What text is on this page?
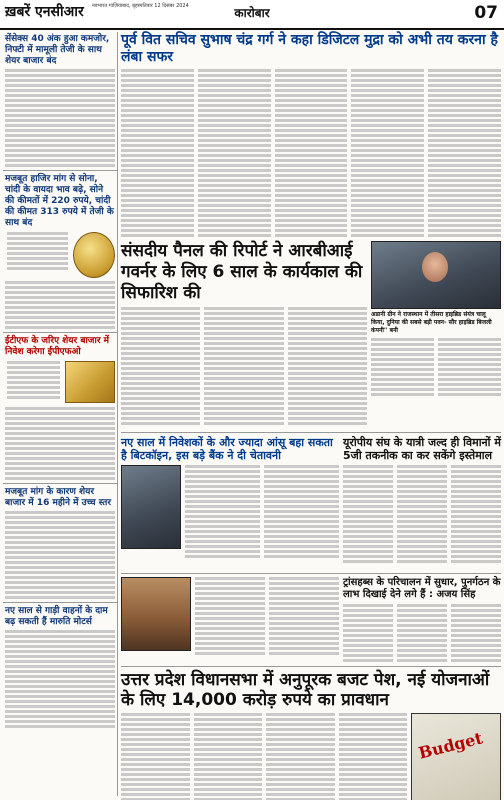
ख़बरें एनसीआर नवभारत गाज़ियाबाद, बृहस्पतिवार 12 दिसंबर 2024	कारोबार	07
सेंसेक्स 40 अंक हुआ कमजोर, निफ्टी में मामूली तेजी के साथ शेयर बाजार बंद
मजबूत हाजिर मांग से सोना, चांदी के वायदा भाव बढ़े, सोने की कीमतों में 220 रुपये, चांदी की कीमत 313 रुपये में तेजी के साथ बंद
ईटीएफ के जरिए शेयर बाजार में निवेश करेगा ईपीएफओ
मजबूत मांग के कारण शेयर बाजार में 16 महीने में उच्च स्तर
नए साल से गाड़ी वाहनों के दाम बढ़ सकती हैं मारुति मोटर्स
पूर्व वित सचिव सुभाष चंद्र गर्ग ने कहा डिजिटल मुद्रा को अभी तय करना है लंबा सफर
संसदीय पैनल की रिपोर्ट ने आरबीआई गवर्नर के लिए 6 साल के कार्यकाल की सिफारिश की
अडानी ग्रीन ने राजस्थान में तीसरा हाइब्रिड संयंत्र चालू किया, दुनिया की सबसे बड़ी पवन- सौर हाइब्रिड बिजली कंपनी'' बनी
नए साल में निवेशकों के और ज्यादा आंसू बहा सकता है बिटकॉइन, इस बड़े बैंक ने दी चेतावनी
यूरोपीय संघ के यात्री जल्द ही विमानों में 5जी तकनीक का कर सकेंगे इस्तेमाल
ट्रांसहब्स के परिचालन में सुधार, पुनर्गठन के लाभ दिखाई देने लगे हैं : अजय सिंह
उत्तर प्रदेश विधानसभा में अनुपूरक बजट पेश, नई योजनाओं के लिए 14,000 करोड़ रुपये का प्रावधान
Budget
